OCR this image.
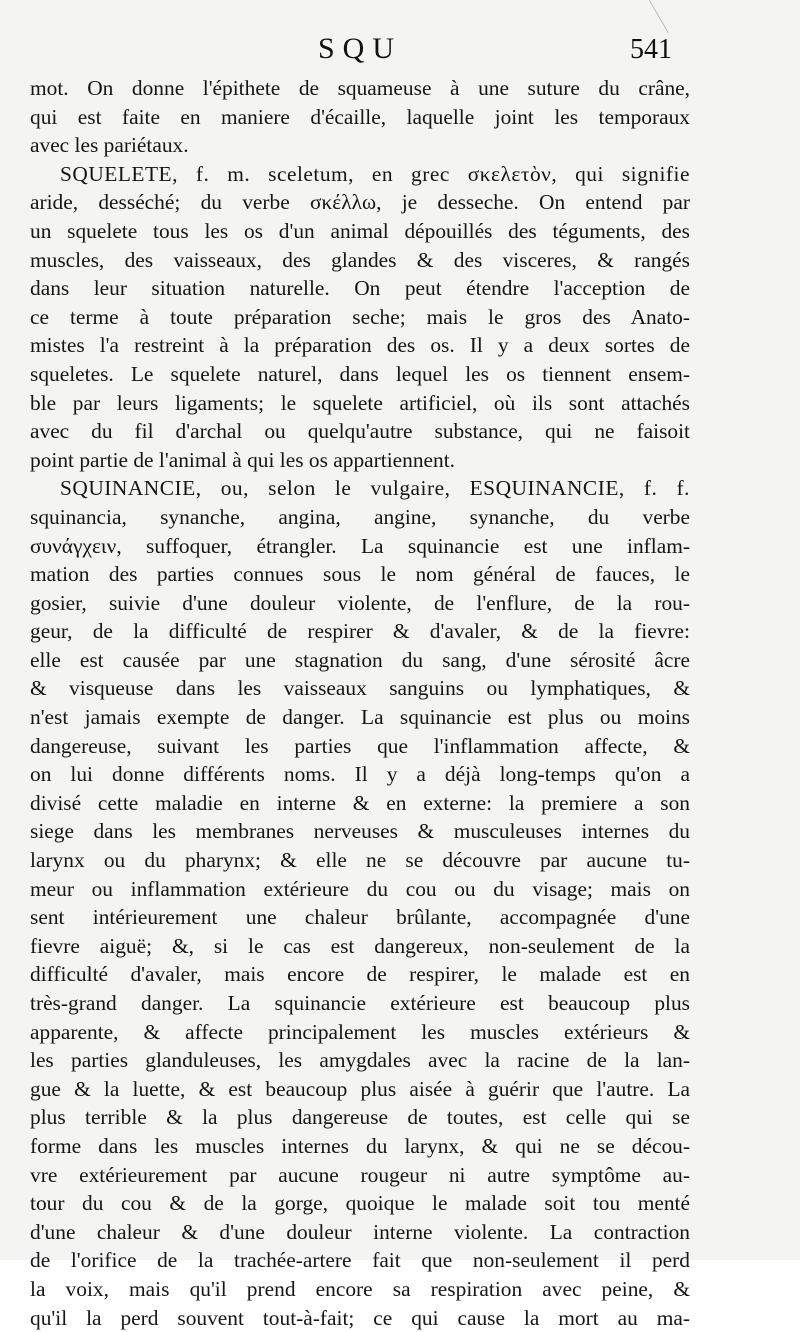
SQU	541
mot. On donne l'épithete de squameuse à une suture du crâne,
qui est faite en maniere d'écaille, laquelle joint les temporaux
avec les pariétaux.
SQUELETE, f. m. sceletum, en grec σκελετὸν, qui signifie
aride, desséché; du verbe σκέλλω, je desseche. On entend par
un squelete tous les os d'un animal dépouillés des téguments, des
muscles, des vaisseaux, des glandes & des visceres, & rangés
dans leur situation naturelle. On peut étendre l'acception de
ce terme à toute préparation seche; mais le gros des Anato-
mistes l'a restreint à la préparation des os. Il y a deux sortes de
squeletes. Le squelete naturel, dans lequel les os tiennent ensem-
ble par leurs ligaments; le squelete artificiel, où ils sont attachés
avec du fil d'archal ou quelqu'autre substance, qui ne faisoit
point partie de l'animal à qui les os appartiennent.
SQUINANCIE, ou, selon le vulgaire, ESQUINANCIE, f. f.
squinancia, synanche, angina, angine, synanche, du verbe
συνάγχειν, suffoquer, étrangler. La squinancie est une inflam-
mation des parties connues sous le nom général de fauces, le
gosier, suivie d'une douleur violente, de l'enflure, de la rou-
geur, de la difficulté de respirer & d'avaler, & de la fievre:
elle est causée par une stagnation du sang, d'une sérosité âcre
& visqueuse dans les vaisseaux sanguins ou lymphatiques, &
n'est jamais exempte de danger. La squinancie est plus ou moins
dangereuse, suivant les parties que l'inflammation affecte, &
on lui donne différents noms. Il y a déjà long-temps qu'on a
divisé cette maladie en interne & en externe: la premiere a son
siege dans les membranes nerveuses & musculeuses internes du
larynx ou du pharynx; & elle ne se découvre par aucune tu-
meur ou inflammation extérieure du cou ou du visage; mais on
sent intérieurement une chaleur brûlante, accompagnée d'une
fievre aiguë; &, si le cas est dangereux, non-seulement de la
difficulté d'avaler, mais encore de respirer, le malade est en
très-grand danger. La squinancie extérieure est beaucoup plus
apparente, & affecte principalement les muscles extérieurs &
les parties glanduleuses, les amygdales avec la racine de la lan-
gue & la luette, & est beaucoup plus aisée à guérir que l'autre. La
plus terrible & la plus dangereuse de toutes, est celle qui se
forme dans les muscles internes du larynx, & qui ne se décou-
vre extérieurement par aucune rougeur ni autre symptôme au-
tour du cou & de la gorge, quoique le malade soit tou menté
d'une chaleur & d'une douleur interne violente. La contraction
de l'orifice de la trachée-artere fait que non-seulement il perd
la voix, mais qu'il prend encore sa respiration avec peine, &
qu'il la perd souvent tout-à-fait; ce qui cause la mort au ma-
